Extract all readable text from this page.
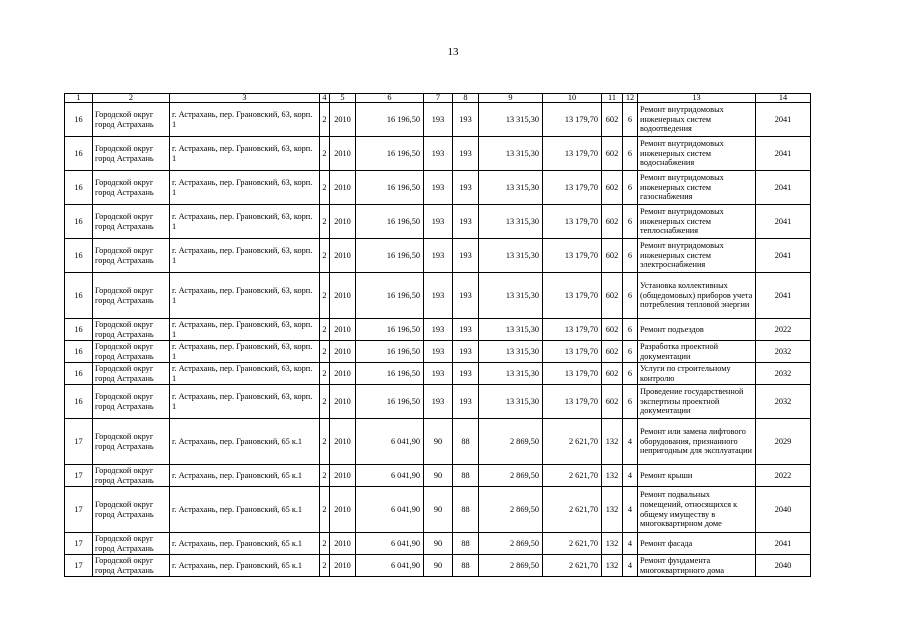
13
1	2	3	4	5	6	7	8	9	10	11	12	13	14
16	Городской округ город Астрахань	г. Астрахань, пер. Грановский, 63, корп. 1	2	2010	16 196,50	193	193	13 315,30	13 179,70	602	6	Ремонт внутридомовых инженерных систем водоотведения	2041
16	Городской округ город Астрахань	г. Астрахань, пер. Грановский, 63, корп. 1	2	2010	16 196,50	193	193	13 315,30	13 179,70	602	6	Ремонт внутридомовых инженерных систем водоснабжения	2041
16	Городской округ город Астрахань	г. Астрахань, пер. Грановский, 63, корп. 1	2	2010	16 196,50	193	193	13 315,30	13 179,70	602	6	Ремонт внутридомовых инженерных систем газоснабжения	2041
16	Городской округ город Астрахань	г. Астрахань, пер. Грановский, 63, корп. 1	2	2010	16 196,50	193	193	13 315,30	13 179,70	602	6	Ремонт внутридомовых инженерных систем теплоснабжения	2041
16	Городской округ город Астрахань	г. Астрахань, пер. Грановский, 63, корп. 1	2	2010	16 196,50	193	193	13 315,30	13 179,70	602	6	Ремонт внутридомовых инженерных систем электроснабжения	2041
16	Городской округ город Астрахань	г. Астрахань, пер. Грановский, 63, корп. 1	2	2010	16 196,50	193	193	13 315,30	13 179,70	602	6	Установка коллективных (общедомовых) приборов учета потребления тепловой энергии	2041
16	Городской округ город Астрахань	г. Астрахань, пер. Грановский, 63, корп. 1	2	2010	16 196,50	193	193	13 315,30	13 179,70	602	6	Ремонт подъездов	2022
16	Городской округ город Астрахань	г. Астрахань, пер. Грановский, 63, корп. 1	2	2010	16 196,50	193	193	13 315,30	13 179,70	602	6	Разработка проектной документации	2032
16	Городской округ город Астрахань	г. Астрахань, пер. Грановский, 63, корп. 1	2	2010	16 196,50	193	193	13 315,30	13 179,70	602	6	Услуги по строительному контролю	2032
16	Городской округ город Астрахань	г. Астрахань, пер. Грановский, 63, корп. 1	2	2010	16 196,50	193	193	13 315,30	13 179,70	602	6	Проведение государственной экспертизы проектной документации	2032
17	Городской округ город Астрахань	г. Астрахань, пер. Грановский, 65 к.1	2	2010	6 041,90	90	88	2 869,50	2 621,70	132	4	Ремонт или замена лифтового оборудования, признанного непригодным для эксплуатации	2029
17	Городской округ город Астрахань	г. Астрахань, пер. Грановский, 65 к.1	2	2010	6 041,90	90	88	2 869,50	2 621,70	132	4	Ремонт крыши	2022
17	Городской округ город Астрахань	г. Астрахань, пер. Грановский, 65 к.1	2	2010	6 041,90	90	88	2 869,50	2 621,70	132	4	Ремонт подвальных помещений, относящихся к общему имуществу в многоквартирном доме	2040
17	Городской округ город Астрахань	г. Астрахань, пер. Грановский, 65 к.1	2	2010	6 041,90	90	88	2 869,50	2 621,70	132	4	Ремонт фасада	2041
17	Городской округ город Астрахань	г. Астрахань, пер. Грановский, 65 к.1	2	2010	6 041,90	90	88	2 869,50	2 621,70	132	4	Ремонт фундамента многоквартирного дома	2040
